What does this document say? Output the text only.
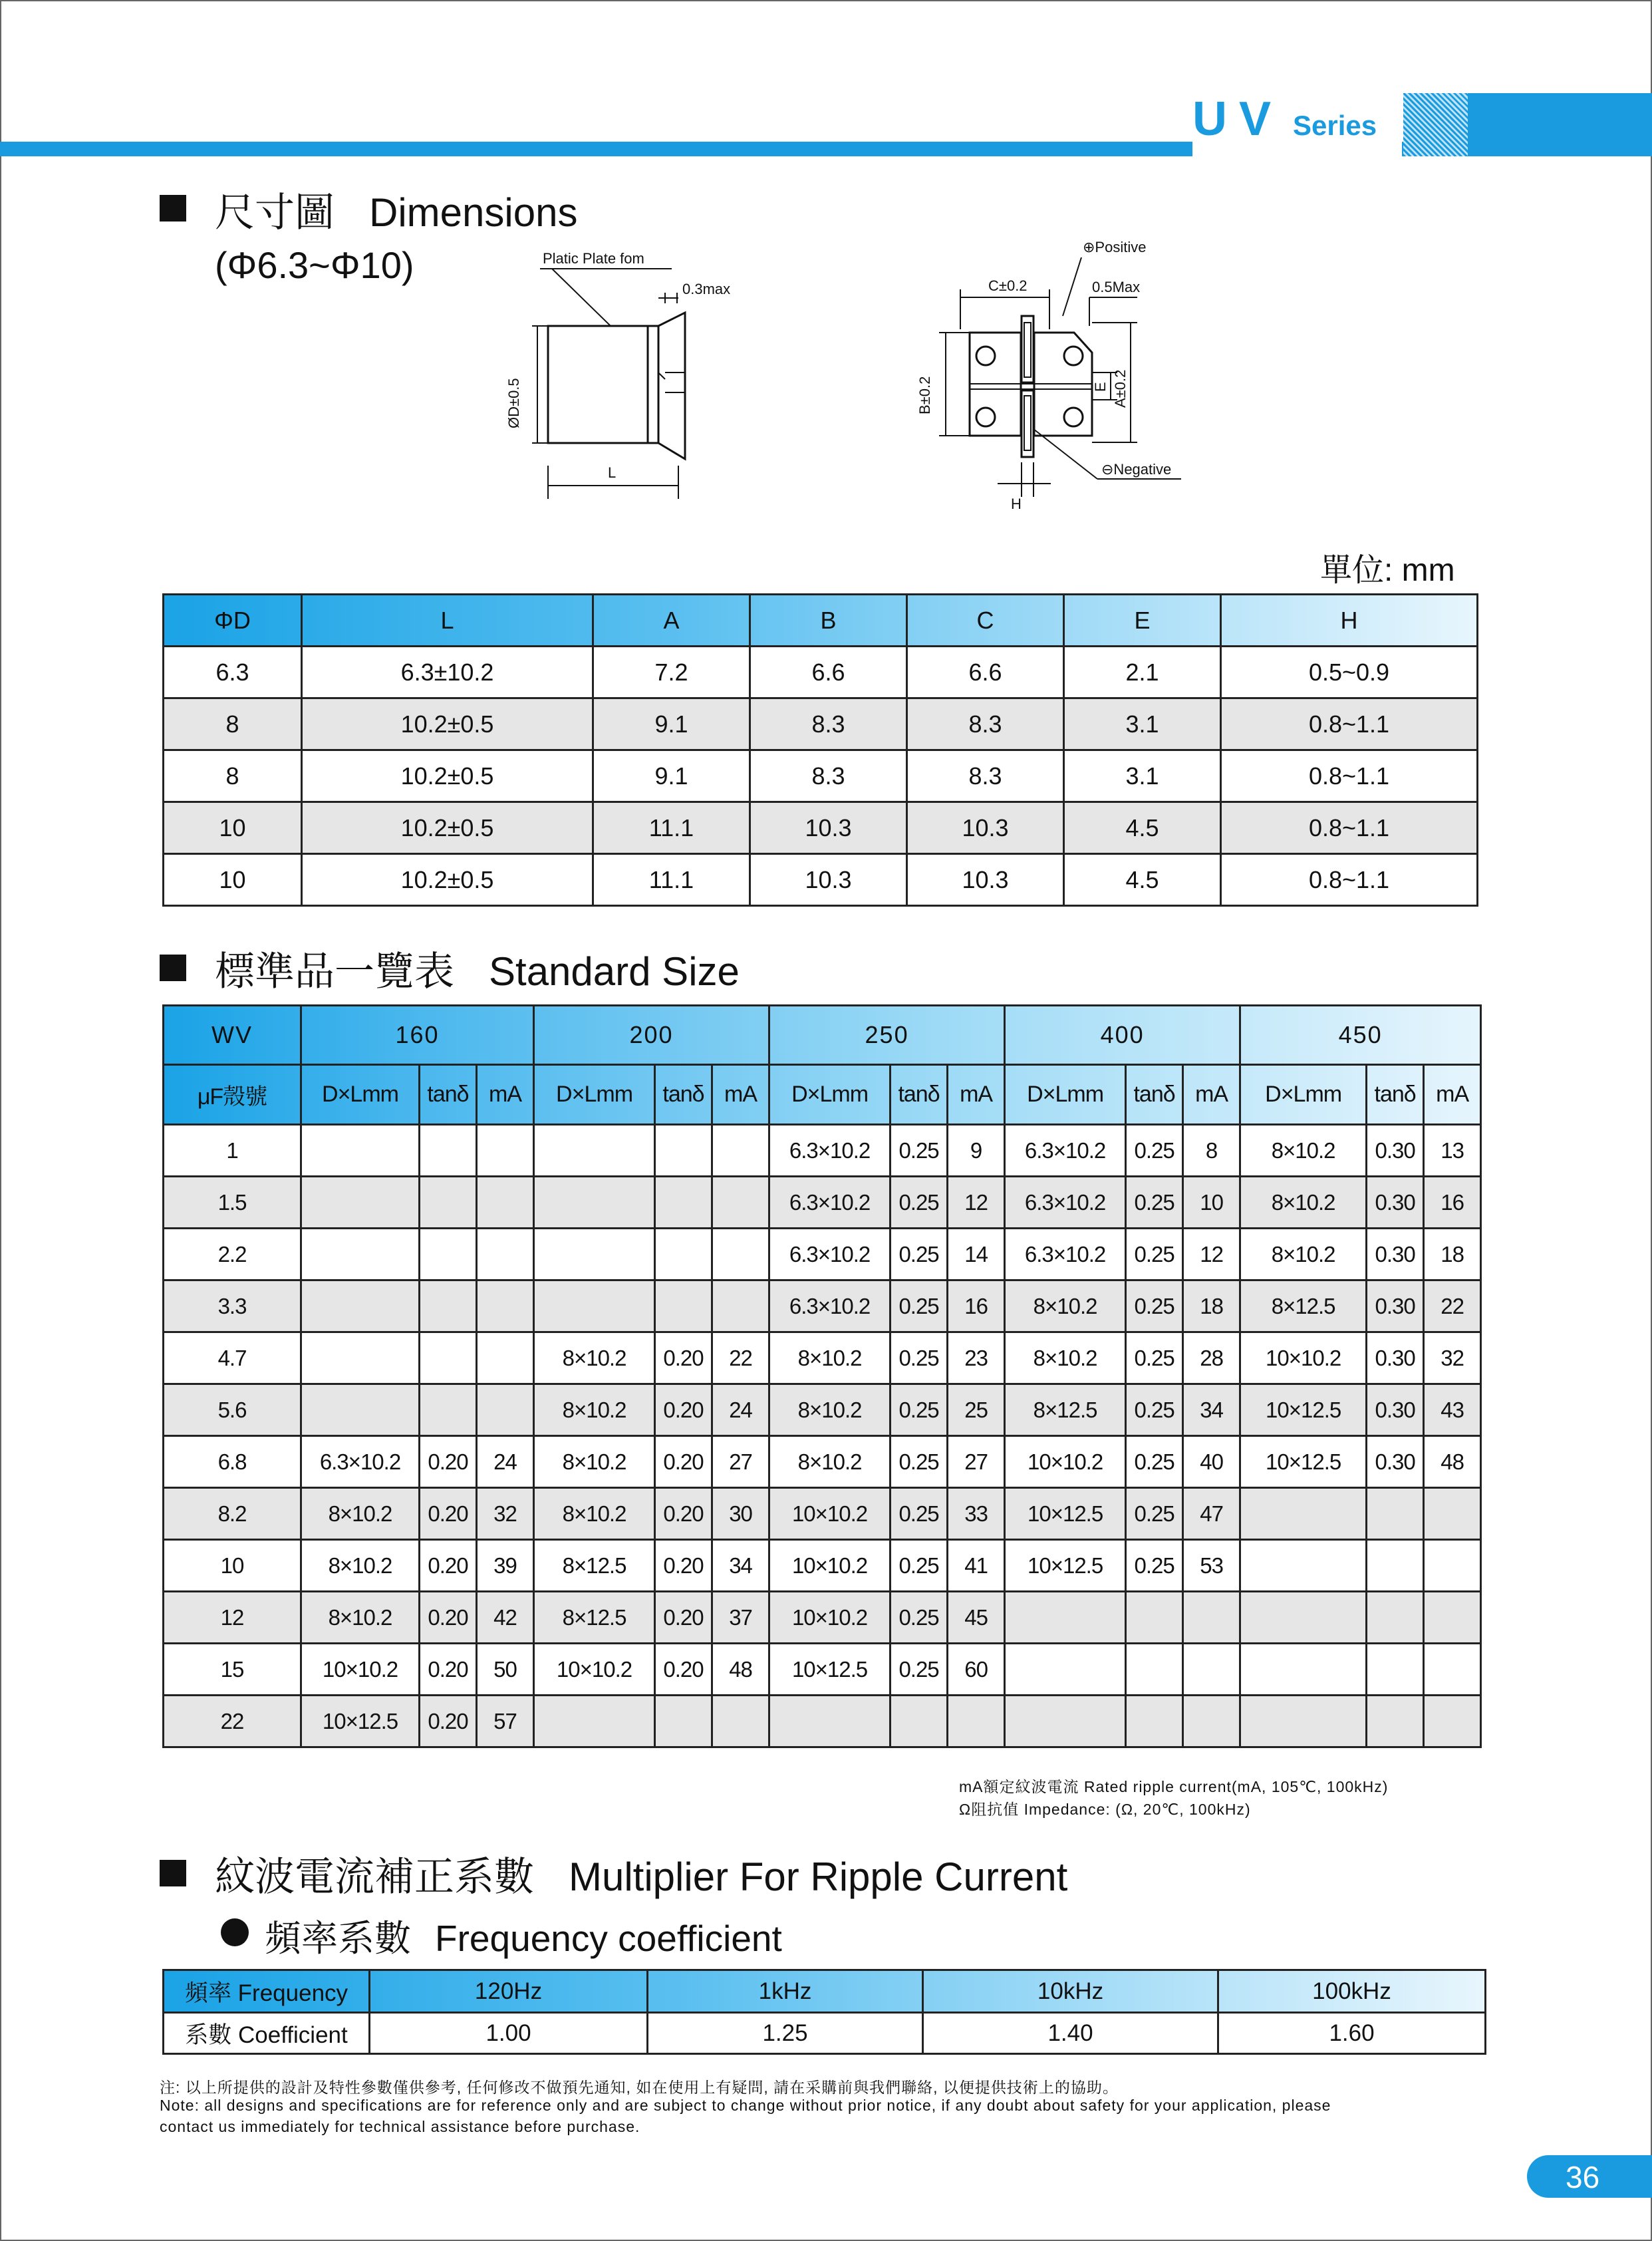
UV Series
尺寸圖 Dimensions
(Φ6.3~Φ10)	Platic Plate fom
0.3max
ØD±0.5
L
⊕Positive
C±0.2	0.5Max
B±0.2	A±0.2
E
⊖Negative
H
單位: mm
ΦD	L	A	B	C	E	H
6.3	6.3±10.2	7.2	6.6	6.6	2.1	0.5~0.9
8	10.2±0.5	9.1	8.3	8.3	3.1	0.8~1.1
8	10.2±0.5	9.1	8.3	8.3	3.1	0.8~1.1
10	10.2±0.5	11.1	10.3	10.3	4.5	0.8~1.1
10	10.2±0.5	11.1	10.3	10.3	4.5	0.8~1.1
標準品一覽表 Standard Size
WV	160			200			250			400			450		
μF殼號	D×Lmm	tanδ	mA	D×Lmm	tanδ	mA	D×Lmm	tanδ	mA	D×Lmm	tanδ	mA	D×Lmm	tanδ	mA
1							6.3×10.2	0.25	9	6.3×10.2	0.25	8	8×10.2	0.30	13
1.5							6.3×10.2	0.25	12	6.3×10.2	0.25	10	8×10.2	0.30	16
2.2							6.3×10.2	0.25	14	6.3×10.2	0.25	12	8×10.2	0.30	18
3.3							6.3×10.2	0.25	16	8×10.2	0.25	18	8×12.5	0.30	22
4.7				8×10.2	0.20	22	8×10.2	0.25	23	8×10.2	0.25	28	10×10.2	0.30	32
5.6				8×10.2	0.20	24	8×10.2	0.25	25	8×12.5	0.25	34	10×12.5	0.30	43
6.8	6.3×10.2	0.20	24	8×10.2	0.20	27	8×10.2	0.25	27	10×10.2	0.25	40	10×12.5	0.30	48
8.2	8×10.2	0.20	32	8×10.2	0.20	30	10×10.2	0.25	33	10×12.5	0.25	47			
10	8×10.2	0.20	39	8×12.5	0.20	34	10×10.2	0.25	41	10×12.5	0.25	53			
12	8×10.2	0.20	42	8×12.5	0.20	37	10×10.2	0.25	45						
15	10×10.2	0.20	50	10×10.2	0.20	48	10×12.5	0.25	60						
22	10×12.5	0.20	57												
mA額定紋波電流 Rated ripple current(mA, 105℃, 100kHz)
Ω阻抗值 Impedance: (Ω, 20℃, 100kHz)
紋波電流補正系數 Multiplier For Ripple Current
頻率系數 Frequency coefficient
頻率 Frequency	120Hz	1kHz	10kHz	100kHz
系數 Coefficient	1.00	1.25	1.40	1.60
注: 以上所提供的設計及特性參數僅供參考, 任何修改不做預先通知, 如在使用上有疑問, 請在采購前與我們聯絡, 以便提供技術上的協助。
Note: all designs and specifications are for reference only and are subject to change without prior notice, if any doubt about safety for your application, please
contact us immediately for technical assistance before purchase.
36
